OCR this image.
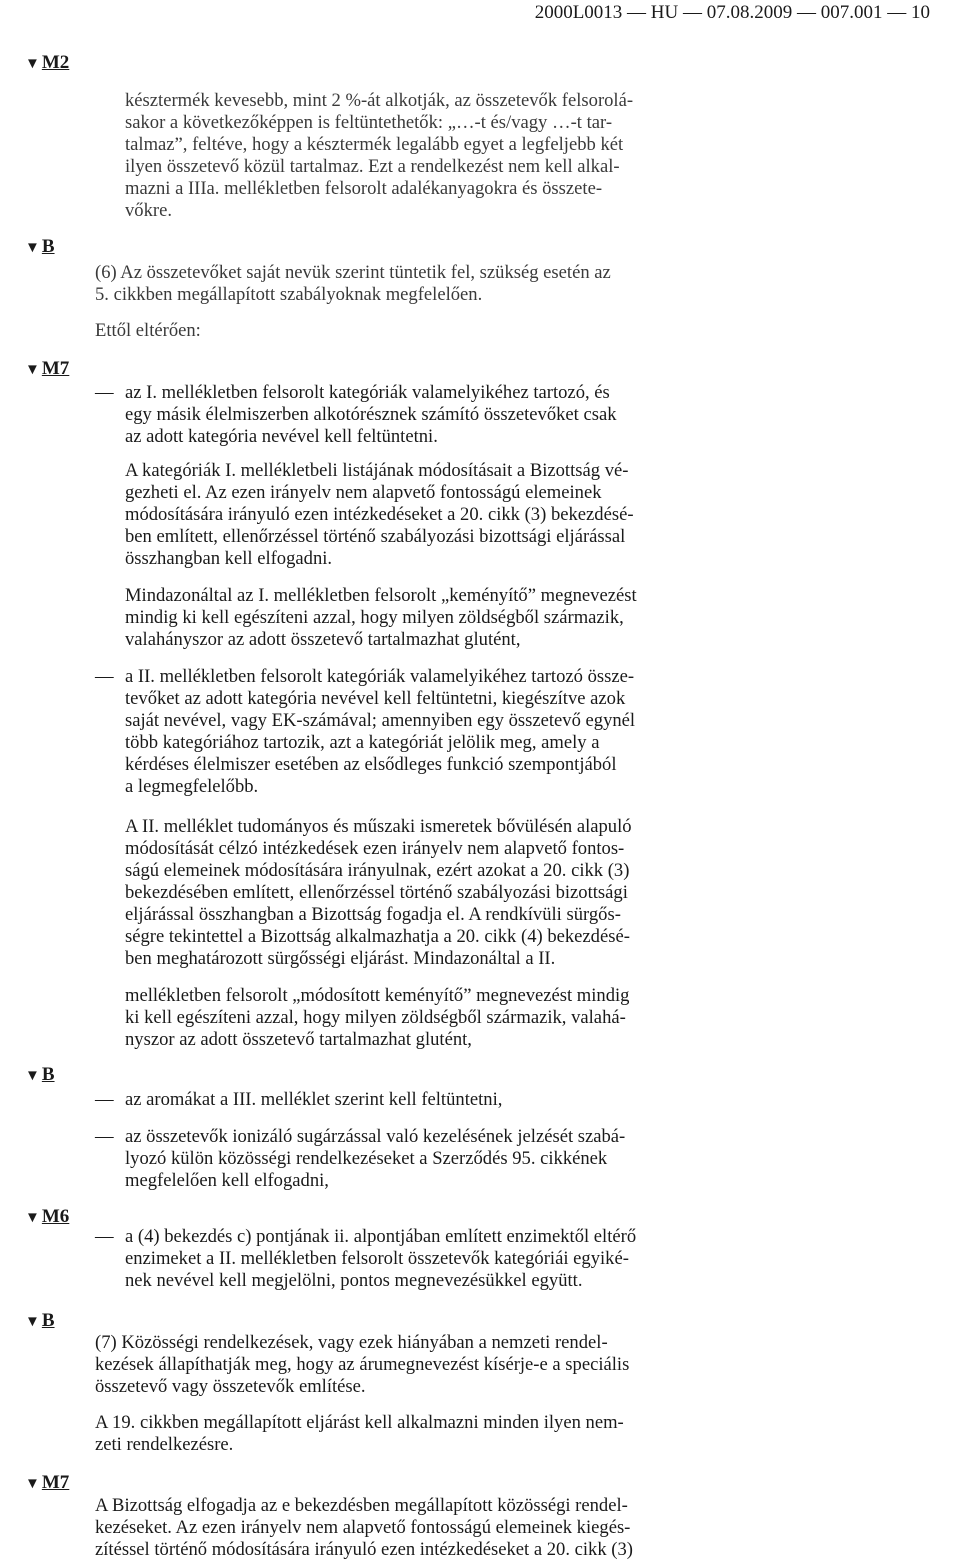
2000L0013 — HU — 07.08.2009 — 007.001 — 10
▼ M2
▼ B
▼ M7
▼ B
▼ M6
▼ B
▼ M7
késztermék kevesebb, mint 2 %-át alkotják, az összetevők felsorolá-
sakor a következőképpen is feltüntethetők: „…-t és/vagy …-t tar-
talmaz”, feltéve, hogy a késztermék legalább egyet a legfeljebb két
ilyen összetevő közül tartalmaz. Ezt a rendelkezést nem kell alkal-
mazni a IIIa. mellékletben felsorolt adalékanyagokra és összete-
vőkre.
(6) Az összetevőket saját nevük szerint tüntetik fel, szükség esetén az
5. cikkben megállapított szabályoknak megfelelően.
Ettől eltérően:
— az I. mellékletben felsorolt kategóriák valamelyikéhez tartozó, és
egy másik élelmiszerben alkotórésznek számító összetevőket csak
az adott kategória nevével kell feltüntetni.
A kategóriák I. mellékletbeli listájának módosításait a Bizottság vé-
gezheti el. Az ezen irányelv nem alapvető fontosságú elemeinek
módosítására irányuló ezen intézkedéseket a 20. cikk (3) bekezdésé-
ben említett, ellenőrzéssel történő szabályozási bizottsági eljárással
összhangban kell elfogadni.
Mindazonáltal az I. mellékletben felsorolt „keményítő” megnevezést
mindig ki kell egészíteni azzal, hogy milyen zöldségből származik,
valahányszor az adott összetevő tartalmazhat glutént,
— a II. mellékletben felsorolt kategóriák valamelyikéhez tartozó össze-
tevőket az adott kategória nevével kell feltüntetni, kiegészítve azok
saját nevével, vagy EK-számával; amennyiben egy összetevő egynél
több kategóriához tartozik, azt a kategóriát jelölik meg, amely a
kérdéses élelmiszer esetében az elsődleges funkció szempontjából
a legmegfelelőbb.
A II. melléklet tudományos és műszaki ismeretek bővülésén alapuló
módosítását célzó intézkedések ezen irányelv nem alapvető fontos-
ságú elemeinek módosítására irányulnak, ezért azokat a 20. cikk (3)
bekezdésében említett, ellenőrzéssel történő szabályozási bizottsági
eljárással összhangban a Bizottság fogadja el. A rendkívüli sürgős-
ségre tekintettel a Bizottság alkalmazhatja a 20. cikk (4) bekezdésé-
ben meghatározott sürgősségi eljárást. Mindazonáltal a II.
mellékletben felsorolt „módosított keményítő” megnevezést mindig
ki kell egészíteni azzal, hogy milyen zöldségből származik, valahá-
nyszor az adott összetevő tartalmazhat glutént,
— az aromákat a III. melléklet szerint kell feltüntetni,
— az összetevők ionizáló sugárzással való kezelésének jelzését szabá-
lyozó külön közösségi rendelkezéseket a Szerződés 95. cikkének
megfelelően kell elfogadni,
— a (4) bekezdés c) pontjának ii. alpontjában említett enzimektől eltérő
enzimeket a II. mellékletben felsorolt összetevők kategóriái egyiké-
nek nevével kell megjelölni, pontos megnevezésükkel együtt.
(7) Közösségi rendelkezések, vagy ezek hiányában a nemzeti rendel-
kezések állapíthatják meg, hogy az árumegnevezést kísérje-e a speciális
összetevő vagy összetevők említése.
A 19. cikkben megállapított eljárást kell alkalmazni minden ilyen nem-
zeti rendelkezésre.
A Bizottság elfogadja az e bekezdésben megállapított közösségi rendel-
kezéseket. Az ezen irányelv nem alapvető fontosságú elemeinek kiegés-
zítéssel történő módosítására irányuló ezen intézkedéseket a 20. cikk (3)
